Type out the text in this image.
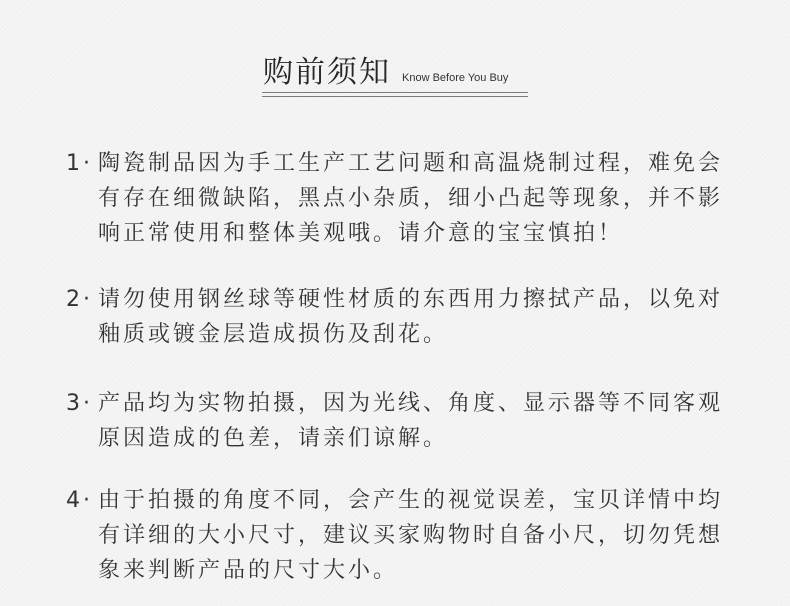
购前须知 Know Before You Buy
1· 陶瓷制品因为手工生产工艺问题和高温烧制过程，难免会
有存在细微缺陷，黑点小杂质，细小凸起等现象，并不影
响正常使用和整体美观哦。请介意的宝宝慎拍！
2· 请勿使用钢丝球等硬性材质的东西用力擦拭产品，以免对
釉质或镀金层造成损伤及刮花。
3· 产品均为实物拍摄，因为光线、角度、显示器等不同客观
原因造成的色差，请亲们谅解。
4· 由于拍摄的角度不同，会产生的视觉误差，宝贝详情中均
有详细的大小尺寸，建议买家购物时自备小尺，切勿凭想
象来判断产品的尺寸大小。
